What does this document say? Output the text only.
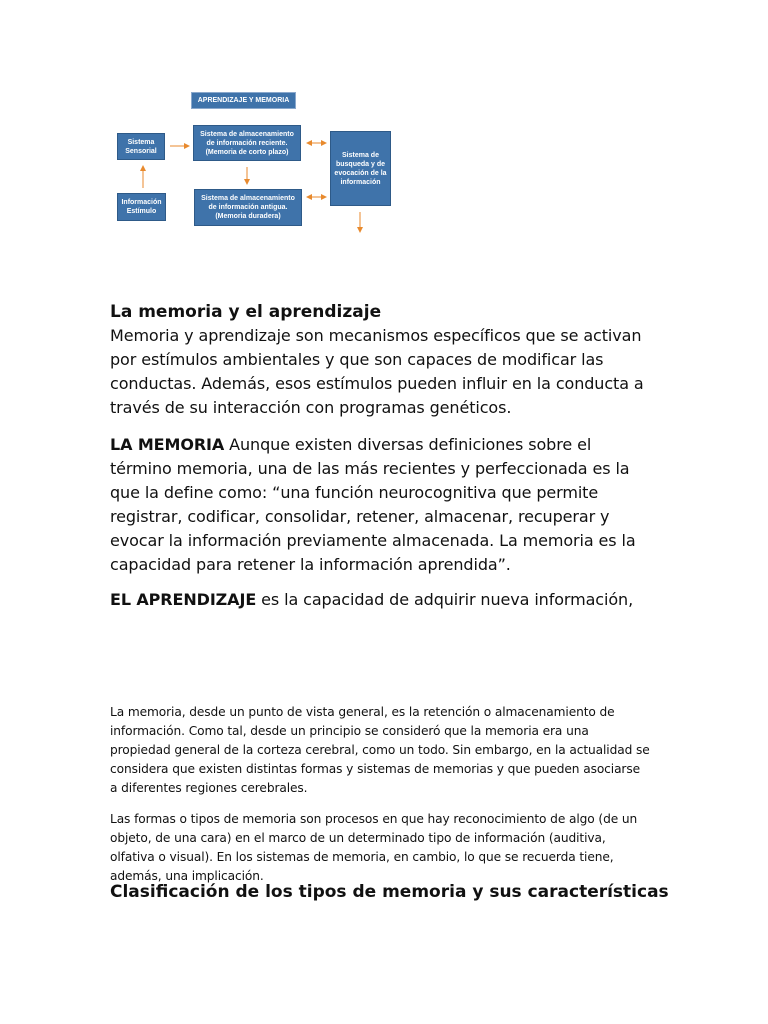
APRENDIZAJE Y MEMORIA
Sistema Sensorial
Información Estímulo
Sistema de almacenamiento
de información reciente.
(Memoria de corto plazo)
Sistema de almacenamiento
de información antigua.
(Memoria duradera)
Sistema de
busqueda y de
evocación de la
información
La memoria y el aprendizaje

Memoria y aprendizaje son mecanismos específicos que se activan por estímulos ambientales y que son capaces de modificar las conductas. Además, esos estímulos pueden influir en la conducta a través de su interacción con programas genéticos.

LA MEMORIA Aunque existen diversas definiciones sobre el término memoria, una de las más recientes y perfeccionada es la que la define como: “una función neurocognitiva que permite registrar, codificar, consolidar, retener, almacenar, recuperar y evocar la información previamente almacenada. La memoria es la capacidad para retener la información aprendida”.

EL APRENDIZAJE es la capacidad de adquirir nueva información,

La memoria, desde un punto de vista general, es la retención o almacenamiento de información. Como tal, desde un principio se consideró que la memoria era una propiedad general de la corteza cerebral, como un todo. Sin embargo, en la actualidad se considera que existen distintas formas y sistemas de memorias y que pueden asociarse a diferentes regiones cerebrales.

Las formas o tipos de memoria son procesos en que hay reconocimiento de algo (de un objeto, de una cara) en el marco de un determinado tipo de información (auditiva, olfativa o visual). En los sistemas de memoria, en cambio, lo que se recuerda tiene, además, una implicación.

Clasificación de los tipos de memoria y sus características
